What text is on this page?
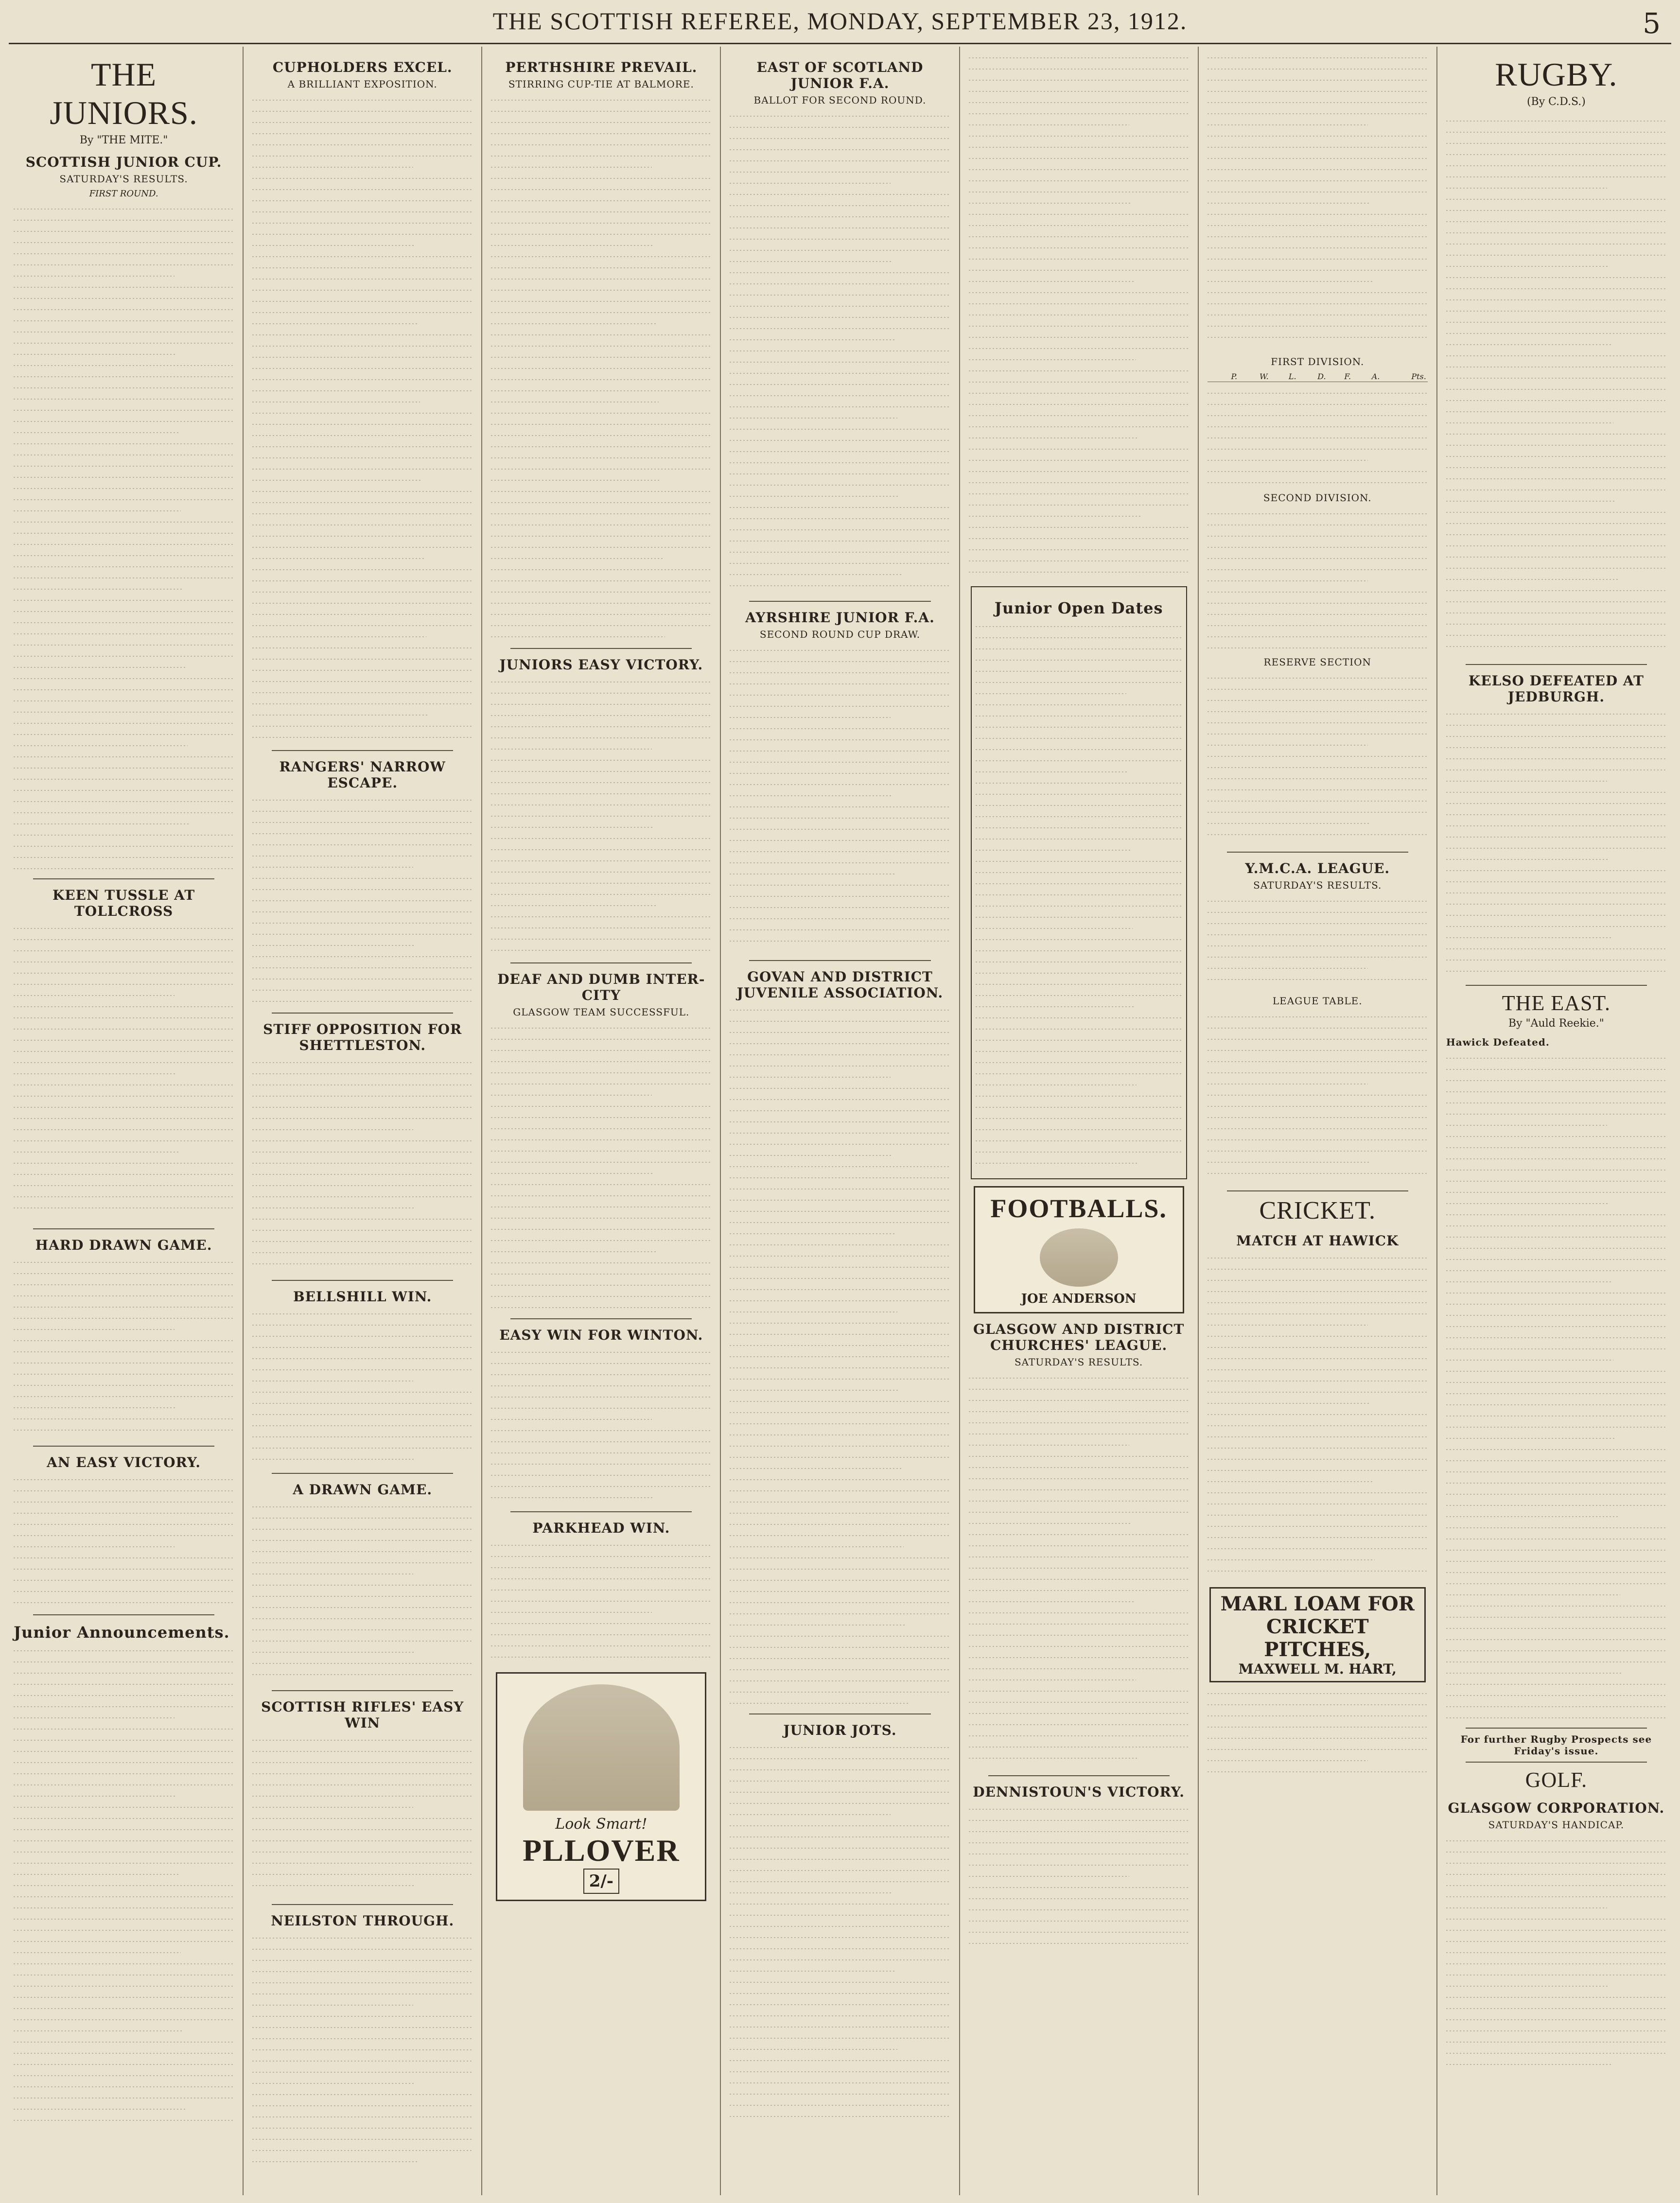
THE SCOTTISH REFEREE, MONDAY, SEPTEMBER 23, 1912.	5
THE JUNIORS.
By "THE MITE."
SCOTTISH JUNIOR CUP.
SATURDAY'S RESULTS.
FIRST ROUND.
KEEN TUSSLE AT TOLLCROSS
HARD DRAWN GAME.
AN EASY VICTORY.
Junior Announcements.
CUPHOLDERS EXCEL.
A BRILLIANT EXPOSITION.
RANGERS' NARROW ESCAPE.
STIFF OPPOSITION FOR SHETTLESTON.
BELLSHILL WIN.
A DRAWN GAME.
SCOTTISH RIFLES' EASY WIN
NEILSTON THROUGH.
PERTHSHIRE PREVAIL.
STIRRING CUP-TIE AT BALMORE.
JUNIORS EASY VICTORY.
DEAF AND DUMB INTER-CITY
GLASGOW TEAM SUCCESSFUL.
EASY WIN FOR WINTON.
PARKHEAD WIN.
Look Smart!
PLLOVER
2/-
EAST OF SCOTLAND JUNIOR F.A.
BALLOT FOR SECOND ROUND.
AYRSHIRE JUNIOR F.A.
SECOND ROUND CUP DRAW.
GOVAN AND DISTRICT JUVENILE ASSOCIATION.
JUNIOR JOTS.
Junior Open Dates
FOOTBALLS.
JOE ANDERSON
GLASGOW AND DISTRICT CHURCHES' LEAGUE.
SATURDAY'S RESULTS.
DENNISTOUN'S VICTORY.
FIRST DIVISION.
	P.	W.	L.	D.	F.	A.	Pts.
SECOND DIVISION.
RESERVE SECTION
Y.M.C.A. LEAGUE.
SATURDAY'S RESULTS.
LEAGUE TABLE.
CRICKET.
MATCH AT HAWICK
MARL LOAM FOR CRICKET PITCHES,
MAXWELL M. HART,
RUGBY.
(By C.D.S.)
KELSO DEFEATED AT JEDBURGH.
THE EAST.
By "Auld Reekie."
Hawick Defeated.
For further Rugby Prospects see Friday's issue.
GOLF.
GLASGOW CORPORATION.
SATURDAY'S HANDICAP.
